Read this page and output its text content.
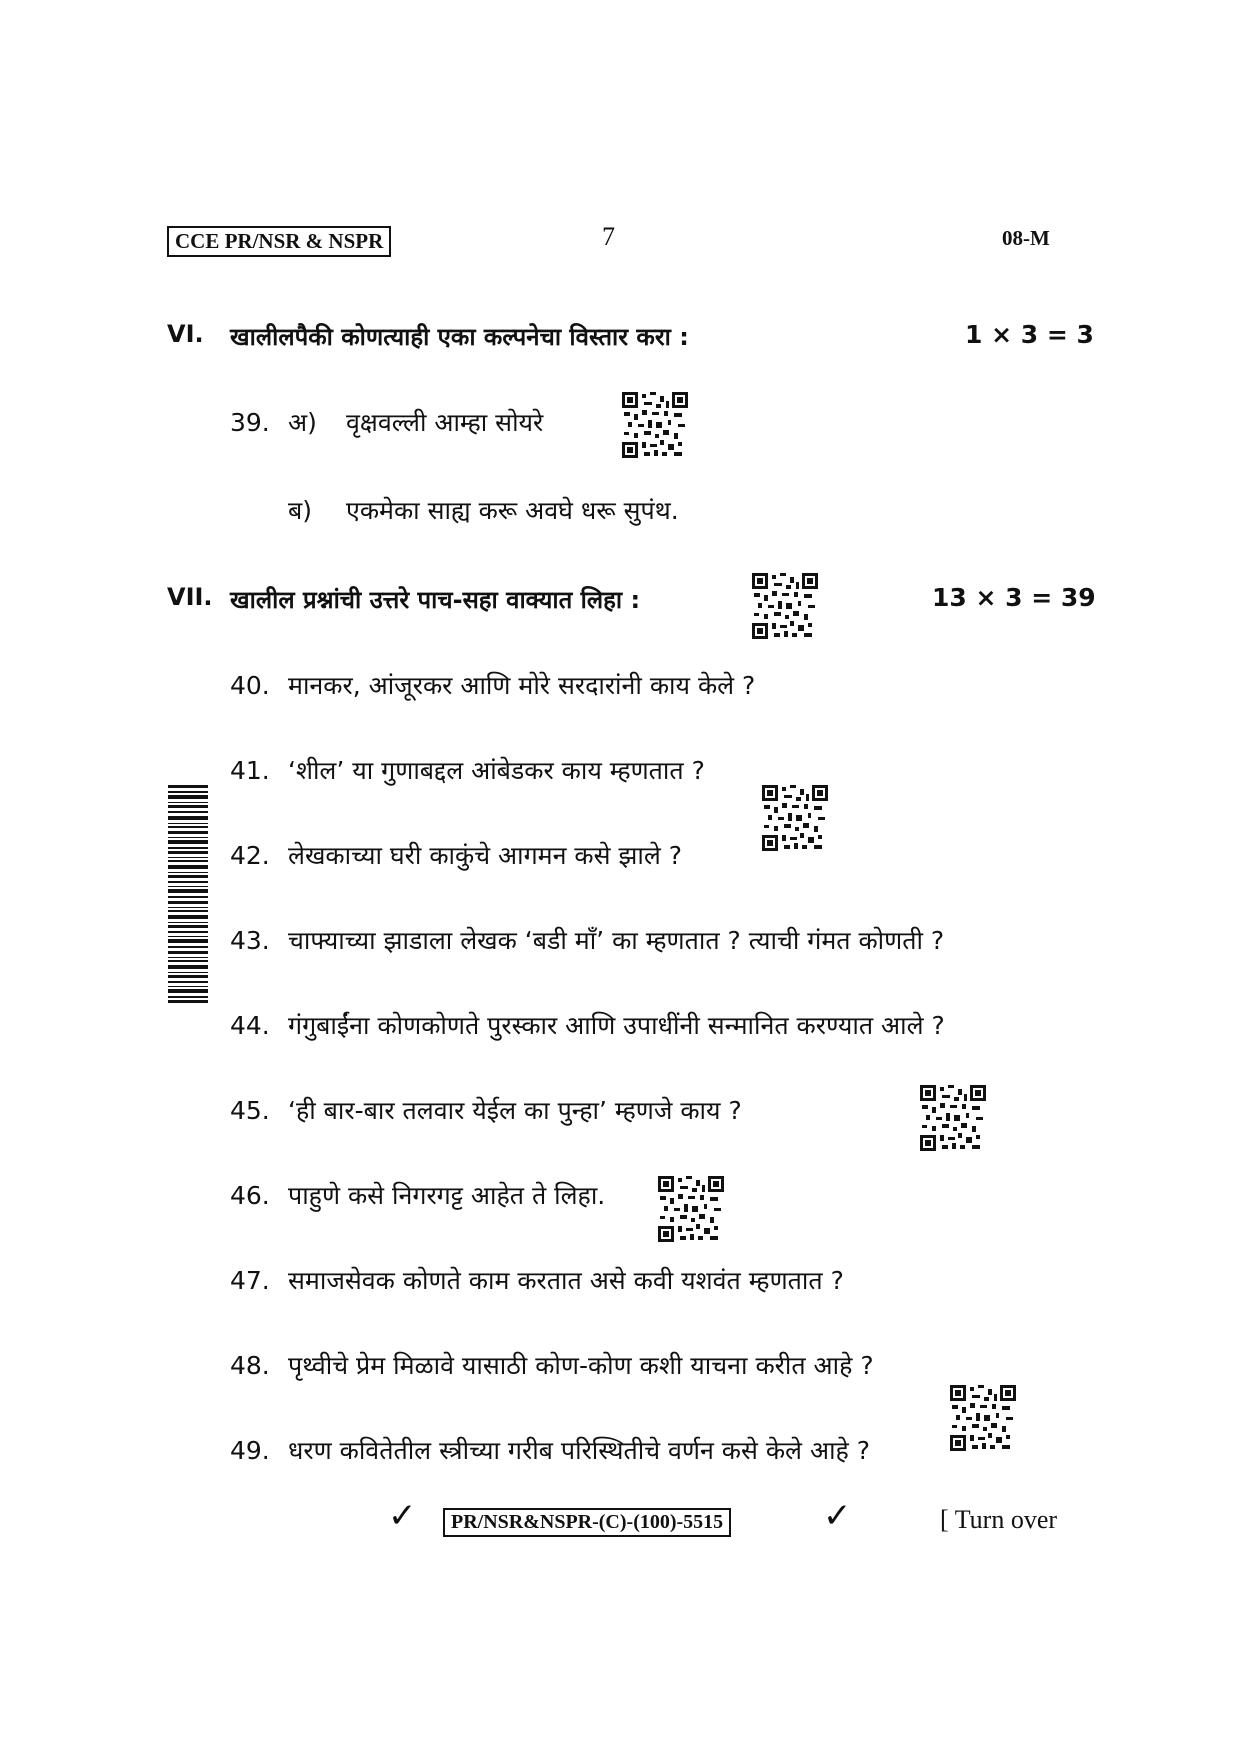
CCE PR/NSR & NSPR	7	08-M
VI. खालीलपैकी कोणत्याही एका कल्पनेचा विस्तार करा :	1 × 3 = 3
39. अ) वृक्षवल्ली आम्हा सोयरे
ब) एकमेका साह्य करू अवघे धरू सुपंथ.
VII. खालील प्रश्नांची उत्तरे पाच-सहा वाक्यात लिहा :	13 × 3 = 39
40. मानकर, आंजूरकर आणि मोरे सरदारांनी काय केले ?
41. ‘शील’ या गुणाबद्दल आंबेडकर काय म्हणतात ?
42. लेखकाच्या घरी काकुंचे आगमन कसे झाले ?
43. चाफ्याच्या झाडाला लेखक ‘बडी माँ’ का म्हणतात ? त्याची गंमत कोणती ?
44. गंगुबाईंना कोणकोणते पुरस्कार आणि उपाधींनी सन्मानित करण्यात आले ?
45. ‘ही बार-बार तलवार येईल का पुन्हा’ म्हणजे काय ?
46. पाहुणे कसे निगरगट्ट आहेत ते लिहा.
47. समाजसेवक कोणते काम करतात असे कवी यशवंत म्हणतात ?
48. पृथ्वीचे प्रेम मिळावे यासाठी कोण-कोण कशी याचना करीत आहे ?
49. धरण कवितेतील स्त्रीच्या गरीब परिस्थितीचे वर्णन कसे केले आहे ?
✓	PR/NSR&NSPR-(C)-(100)-5515	✓	[ Turn over
